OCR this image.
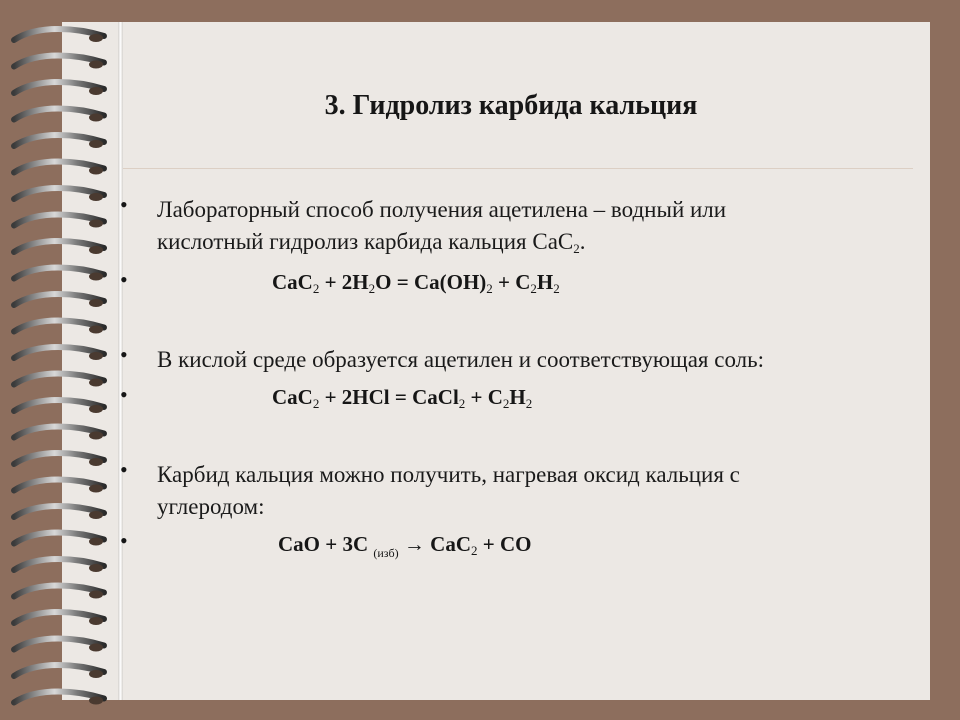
3. Гидролиз карбида кальция
• Лабораторный способ получения ацетилена – водный или
кислотный гидролиз карбида кальция СаС$_2$.
•	$CaC_2 + 2H_2O = Ca(OH)_2 + C_2H_2$
• В кислой среде образуется ацетилен и соответствующая соль:
•	CaC$_2$ + 2HCl = CaCl$_2$ + $C_2H_2$
• Карбид кальция можно получить, нагревая оксид кальция с
углеродом:
•	CaO + 3C $_{(изб)}$ → CaC$_2$ + CO
